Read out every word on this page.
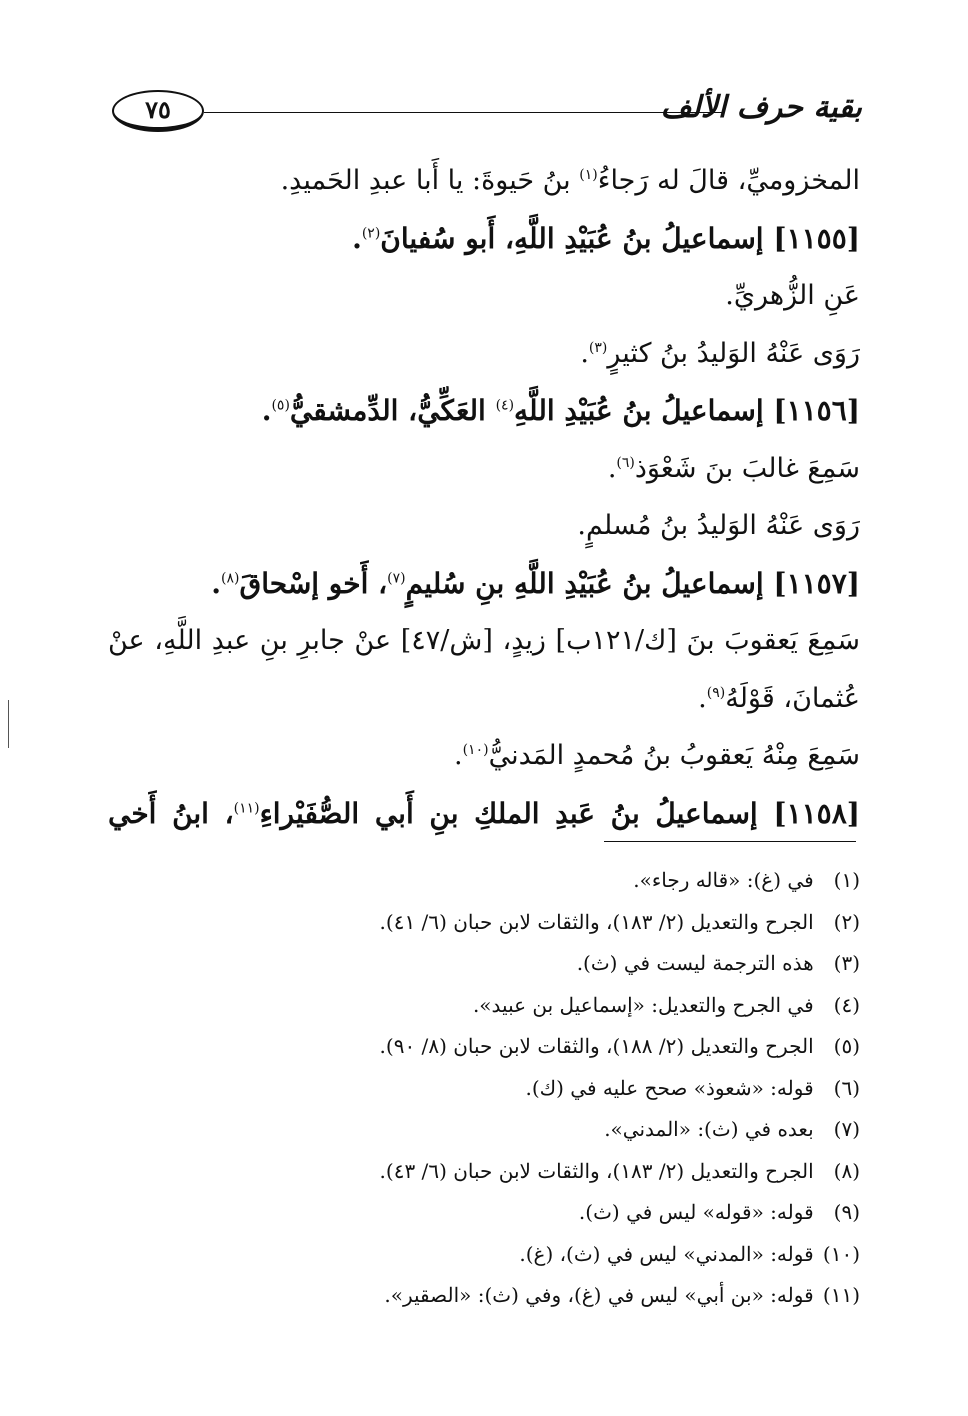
٧٥	بقية حرف الألف
المخزوميِّ، قالَ له رَجاءُ$^{(١)}$ بنُ حَيوةَ: يا أَبا عبدِ الحَميدِ.
[١١٥٥] إسماعيلُ بنُ عُبَيْدِ اللَّهِ، أَبو سُفيانَ$^{(٢)}$.
عَنِ الزُّهريِّ.
رَوَى عَنْهُ الوَليدُ بنُ كثيرٍ$^{(٣)}$.
[١١٥٦] إسماعيلُ بنُ عُبَيْدِ اللَّهِ$^{(٤)}$ العَكِّيُّ، الدِّمشقيُّ$^{(٥)}$.
سَمِعَ غالبَ بنَ شَعْوَذ$^{(٦)}$.
رَوَى عَنْهُ الوَليدُ بنُ مُسلمٍ.
[١١٥٧] إسماعيلُ بنُ عُبَيْدِ اللَّهِ بنِ سُليمٍ$^{(٧)}$، أَخو إسْحاقَ$^{(٨)}$.
سَمِعَ يَعقوبَ بنَ [ك/١٢١ب] زيدٍ، [ش/٤٧] عنْ جابرِ بنِ عبدِ اللَّهِ، عنْ عُثمانَ، قَوْلَهُ$^{(٩)}$.
سَمِعَ مِنْهُ يَعقوبُ بنُ مُحمدٍ المَدنيُّ$^{(١٠)}$.
[١١٥٨] إسماعيلُ بنُ عَبدِ الملكِ بنِ أَبي الصُّفَيْراءِ$^{(١١)}$، ابنُ أَخي
(١) في (غ): «قاله رجاء».
(٢) الجرح والتعديل (٢/ ١٨٣)، والثقات لابن حبان (٦/ ٤١).
(٣) هذه الترجمة ليست في (ث).
(٤) في الجرح والتعديل: «إسماعيل بن عبيد».
(٥) الجرح والتعديل (٢/ ١٨٨)، والثقات لابن حبان (٨/ ٩٠).
(٦) قوله: «شعوذ» صحح عليه في (ك).
(٧) بعده في (ث): «المدني».
(٨) الجرح والتعديل (٢/ ١٨٣)، والثقات لابن حبان (٦/ ٤٣).
(٩) قوله: «قوله» ليس في (ث).
(١٠) قوله: «المدني» ليس في (ث)، (غ).
(١١) قوله: «بن أبي» ليس في (غ)، وفي (ث): «الصقير».
